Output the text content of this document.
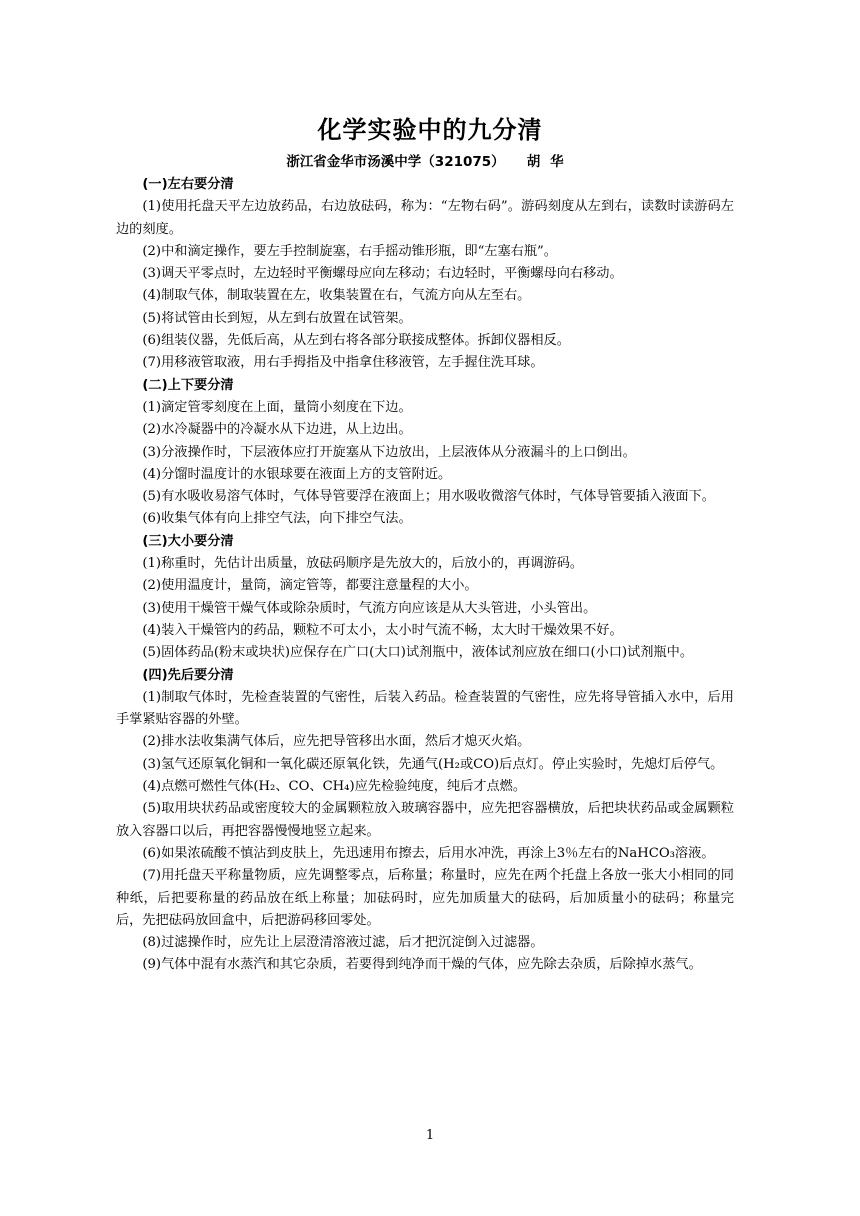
化学实验中的九分清
浙江省金华市汤溪中学（321075） 胡华
(一)左右要分清

(1)使用托盘天平左边放药品，右边放砝码，称为：“左物右码”。游码刻度从左到右，读数时读游码左边的刻度。

(2)中和滴定操作，要左手控制旋塞，右手摇动锥形瓶，即“左塞右瓶”。

(3)调天平零点时，左边轻时平衡螺母应向左移动；右边轻时，平衡螺母向右移动。

(4)制取气体，制取装置在左，收集装置在右，气流方向从左至右。

(5)将试管由长到短，从左到右放置在试管架。

(6)组装仪器，先低后高，从左到右将各部分联接成整体。拆卸仪器相反。

(7)用移液管取液，用右手拇指及中指拿住移液管，左手握住洗耳球。

(二)上下要分清

(1)滴定管零刻度在上面，量筒小刻度在下边。

(2)水冷凝器中的冷凝水从下边进，从上边出。

(3)分液操作时，下层液体应打开旋塞从下边放出，上层液体从分液漏斗的上口倒出。

(4)分馏时温度计的水银球要在液面上方的支管附近。

(5)有水吸收易溶气体时，气体导管要浮在液面上；用水吸收微溶气体时，气体导管要插入液面下。

(6)收集气体有向上排空气法，向下排空气法。

(三)大小要分清

(1)称重时，先估计出质量，放砝码顺序是先放大的，后放小的，再调游码。

(2)使用温度计，量筒，滴定管等，都要注意量程的大小。

(3)使用干燥管干燥气体或除杂质时，气流方向应该是从大头管进，小头管出。

(4)装入干燥管内的药品，颗粒不可太小，太小时气流不畅，太大时干燥效果不好。

(5)固体药品(粉末或块状)应保存在广口(大口)试剂瓶中，液体试剂应放在细口(小口)试剂瓶中。

(四)先后要分清

(1)制取气体时，先检查装置的气密性，后装入药品。检查装置的气密性，应先将导管插入水中，后用手掌紧贴容器的外壁。

(2)排水法收集满气体后，应先把导管移出水面，然后才熄灭火焰。

(3)氢气还原氧化铜和一氧化碳还原氧化铁，先通气(H₂或CO)后点灯。停止实验时，先熄灯后停气。

(4)点燃可燃性气体(H₂、CO、CH₄)应先检验纯度，纯后才点燃。

(5)取用块状药品或密度较大的金属颗粒放入玻璃容器中，应先把容器横放，后把块状药品或金属颗粒放入容器口以后，再把容器慢慢地竖立起来。

(6)如果浓硫酸不慎沾到皮肤上，先迅速用布擦去，后用水冲洗，再涂上3％左右的NaHCO₃溶液。

(7)用托盘天平称量物质，应先调整零点，后称量；称量时，应先在两个托盘上各放一张大小相同的同种纸，后把要称量的药品放在纸上称量；加砝码时，应先加质量大的砝码，后加质量小的砝码；称量完后，先把砝码放回盒中，后把游码移回零处。

(8)过滤操作时，应先让上层澄清溶液过滤，后才把沉淀倒入过滤器。

(9)气体中混有水蒸汽和其它杂质，若要得到纯净而干燥的气体，应先除去杂质，后除掉水蒸气。

1
